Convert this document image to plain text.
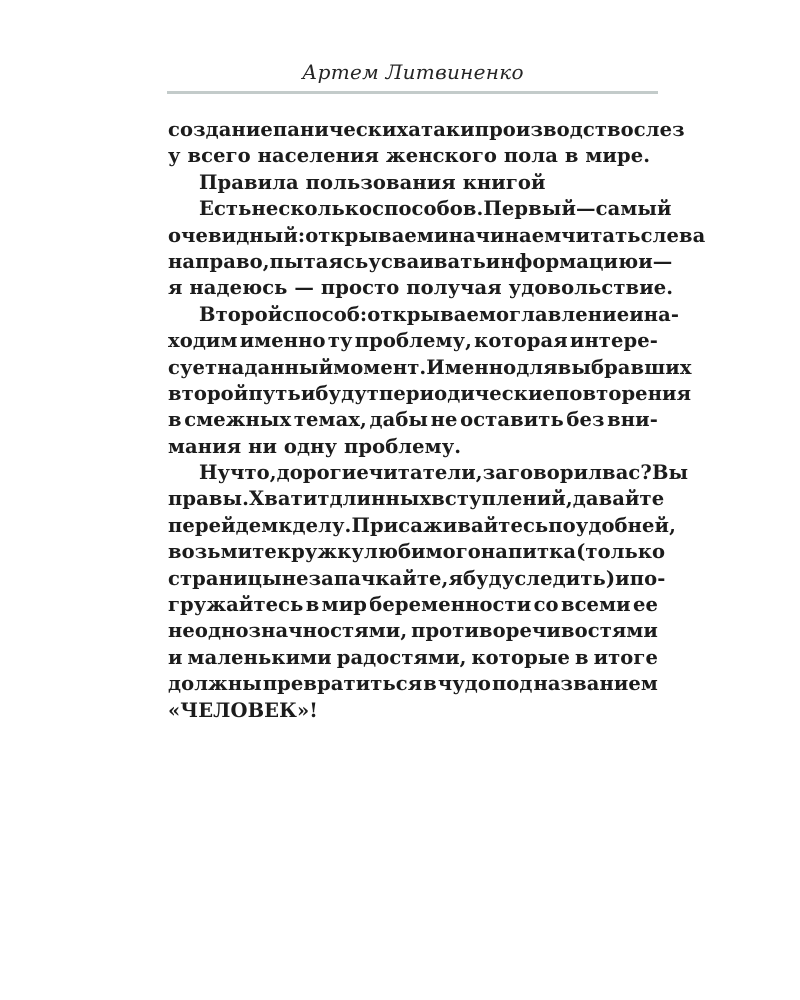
Артем Литвиненко
создание панических атак и производство слез
у всего населения женского пола в мире.
Правила пользования книгой
Есть несколько способов. Первый — самый
очевидный: открываем и начинаем читать слева
направо, пытаясь усваивать информацию и —
я надеюсь — просто получая удовольствие.
Второй способ: открываем оглавление и на-
ходим именно ту проблему, которая интере-
сует на данный момент. Именно для выбравших
второй путь и будут периодические повторения
в смежных темах, дабы не оставить без вни-
мания ни одну проблему.
Ну что, дорогие читатели, заговорил вас? Вы
правы. Хватит длинных вступлений, давайте
перейдем к делу. Присаживайтесь поудобней,
возьмите кружку любимого напитка (только
страницы не запачкайте, я буду следить) и по-
гружайтесь в мир беременности со всеми ее
неоднозначностями, противоречивостями
и маленькими радостями, которые в итоге
должны превратиться в чудо под названием
«ЧЕЛОВЕК»!
